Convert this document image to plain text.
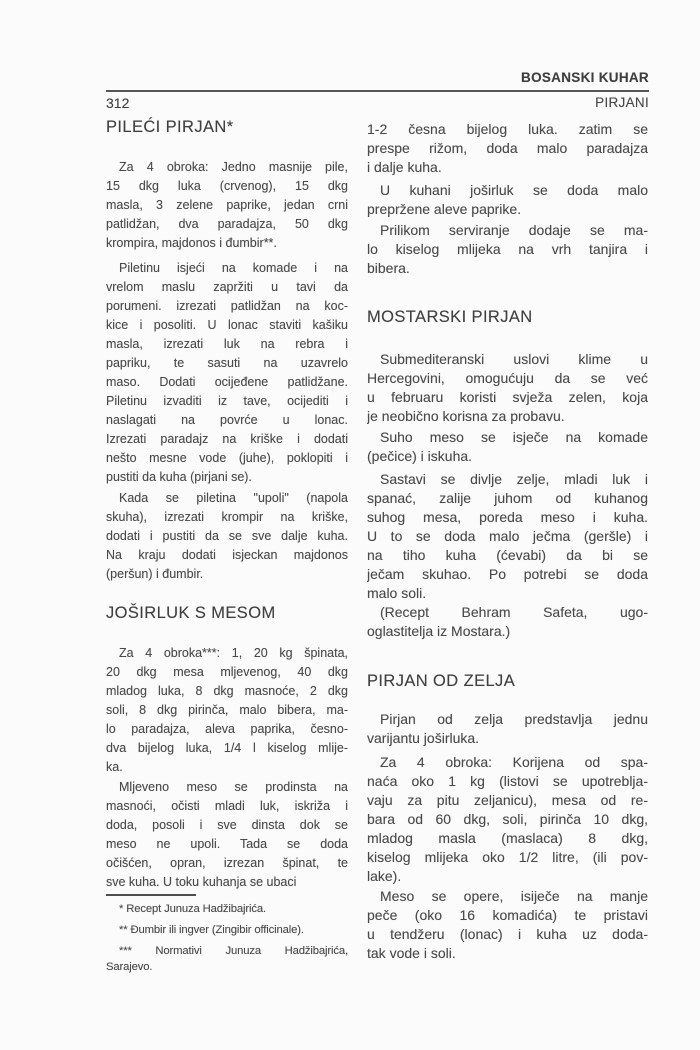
BOSANSKI KUHAR
312	PIRJANI
PILEĆI PIRJAN*
Za 4 obroka: Jedno masnije pile,
15 dkg luka (crvenog), 15 dkg
masla, 3 zelene paprike, jedan crni
patlidžan, dva paradajza, 50 dkg
krompira, majdonos i đumbir**.
Piletinu isjeći na komade i na
vrelom maslu zapržiti u tavi da
porumeni. izrezati patlidžan na koc-
kice i posoliti. U lonac staviti kašiku
masla, izrezati luk na rebra i
papriku, te sasuti na uzavrelo
maso. Dodati ocijeđene patlidžane.
Piletinu izvaditi iz tave, ocijediti i
naslagati na povrće u lonac.
Izrezati paradajz na kriške i dodati
nešto mesne vode (juhe), poklopiti i
pustiti da kuha (pirjani se).
Kada se piletina "upoli" (napola
skuha), izrezati krompir na kriške,
dodati i pustiti da se sve dalje kuha.
Na kraju dodati isjeckan majdonos
(peršun) i đumbir.
JOŠIRLUK S MESOM
Za 4 obroka***: 1, 20 kg špinata,
20 dkg mesa mljevenog, 40 dkg
mladog luka, 8 dkg masnoće, 2 dkg
soli, 8 dkg pirinča, malo bibera, ma-
lo paradajza, aleva paprika, česno-
dva bijelog luka, 1/4 l kiselog mlije-
ka.
Mljeveno meso se prodinsta na
masnoći, očisti mladi luk, iskriža i
doda, posoli i sve dinsta dok se
meso ne upoli. Tada se doda
očišćen, opran, izrezan špinat, te
sve kuha. U toku kuhanja se ubaci
* Recept Junuza Hadžibajrića.
** Đumbir ili ingver (Zingibir officinale).
*** Normativi Junuza Hadžibajrića,
Sarajevo.
1-2 česna bijelog luka. zatim se
prespe rižom, doda malo paradajza
i dalje kuha.
U kuhani joširluk se doda malo
prepržene aleve paprike.
Prilikom serviranje dodaje se ma-
lo kiselog mlijeka na vrh tanjira i
bibera.
MOSTARSKI PIRJAN
Submediteranski uslovi klime u
Hercegovini, omogućuju da se već
u februaru koristi svježa zelen, koja
je neobično korisna za probavu.
Suho meso se isječe na komade
(pečice) i iskuha.
Sastavi se divlje zelje, mladi luk i
spanać, zalije juhom od kuhanog
suhog mesa, poreda meso i kuha.
U to se doda malo ječma (geršle) i
na tiho kuha (ćevabi) da bi se
ječam skuhao. Po potrebi se doda
malo soli.
(Recept Behram Safeta, ugo-
oglastitelja iz Mostara.)
PIRJAN OD ZELJA
Pirjan od zelja predstavlja jednu
varijantu joširluka.
Za 4 obroka: Korijena od spa-
naća oko 1 kg (listovi se upotreblja-
vaju za pitu zeljanicu), mesa od re-
bara od 60 dkg, soli, pirinča 10 dkg,
mladog masla (maslaca) 8 dkg,
kiselog mlijeka oko 1/2 litre, (ili pov-
lake).
Meso se opere, isiječe na manje
peče (oko 16 komadića) te pristavi
u tendžeru (lonac) i kuha uz doda-
tak vode i soli.
